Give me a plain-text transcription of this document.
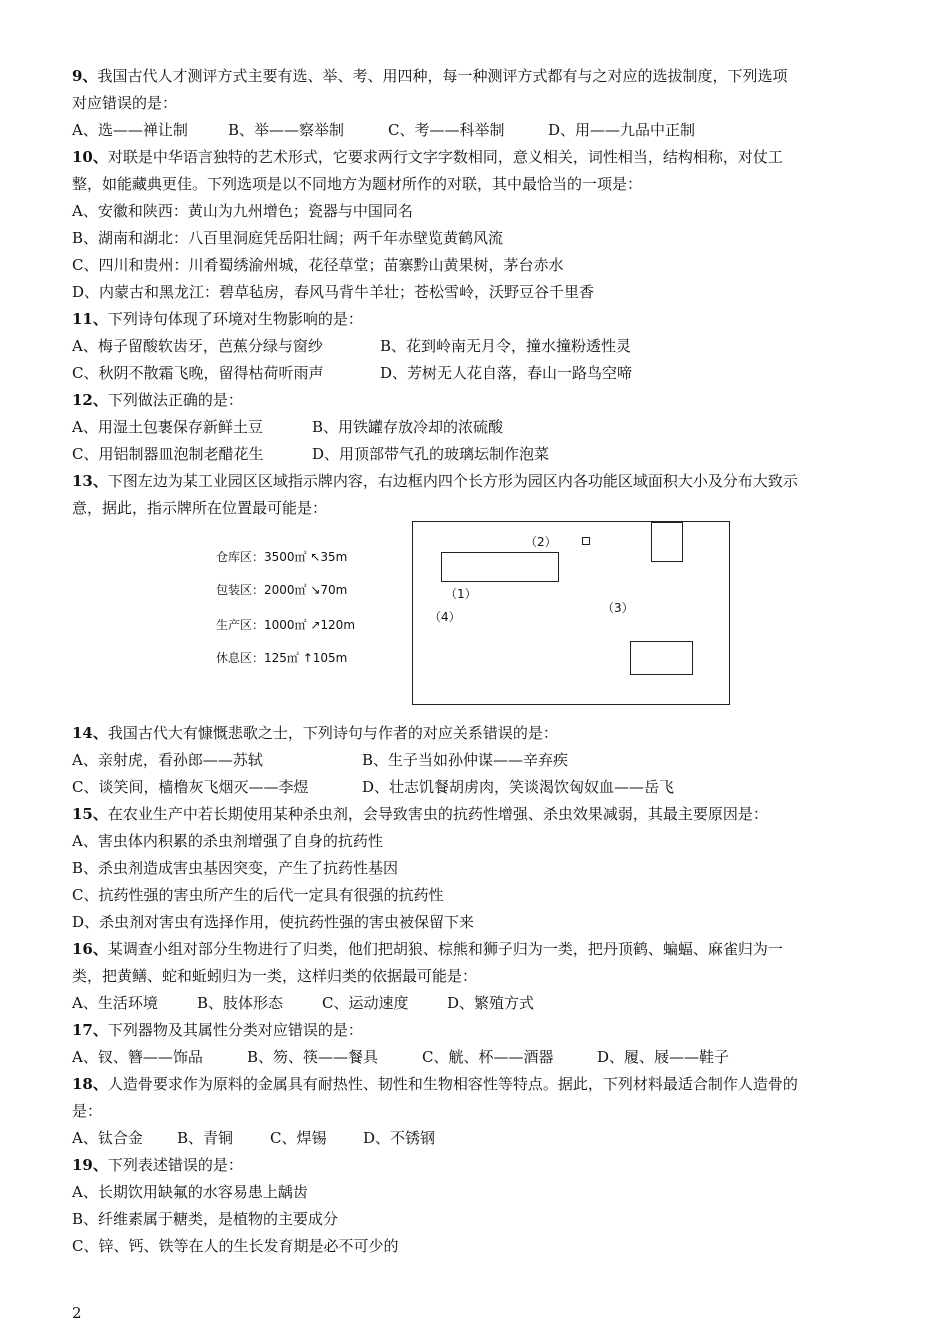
9、我国古代人才测评方式主要有选、举、考、用四种，每一种测评方式都有与之对应的选拔制度，下列选项
对应错误的是：
A、选——禅让制	B、举——察举制	C、考——科举制	D、用——九品中正制
10、对联是中华语言独特的艺术形式，它要求两行文字字数相同，意义相关，词性相当，结构相称，对仗工
整，如能藏典更佳。下列选项是以不同地方为题材所作的对联，其中最恰当的一项是：
A、安徽和陕西：黄山为九州增色；瓷器与中国同名
B、湖南和湖北：八百里洞庭凭岳阳壮阔；两千年赤壁览黄鹤风流
C、四川和贵州：川肴蜀绣渝州城，花径草堂；苗寨黔山黄果树，茅台赤水
D、内蒙古和黑龙江：碧草毡房，春风马背牛羊壮；苍松雪岭，沃野豆谷千里香
11、下列诗句体现了环境对生物影响的是：
A、梅子留酸软齿牙，芭蕉分绿与窗纱	B、花到岭南无月令，撞水撞粉透性灵
C、秋阴不散霜飞晚，留得枯荷听雨声	D、芳树无人花自落，春山一路鸟空啼
12、下列做法正确的是：
A、用湿土包裹保存新鲜土豆	B、用铁罐存放冷却的浓硫酸
C、用铝制器皿泡制老醋花生	D、用顶部带气孔的玻璃坛制作泡菜
13、下图左边为某工业园区区域指示牌内容，右边框内四个长方形为园区内各功能区域面积大小及分布大致示
意，据此，指示牌所在位置最可能是：
仓库区：3500㎡ ↖35m
包装区：2000㎡ ↘70m
生产区：1000㎡ ↗120m
休息区：125㎡ ↑105m
（1）
（2）
（3）
（4）
14、我国古代大有慷慨悲歌之士，下列诗句与作者的对应关系错误的是：
A、亲射虎，看孙郎——苏轼	B、生子当如孙仲谋——辛弃疾
C、谈笑间，樯橹灰飞烟灭——李煜	D、壮志饥餐胡虏肉，笑谈渴饮匈奴血——岳飞
15、在农业生产中若长期使用某种杀虫剂，会导致害虫的抗药性增强、杀虫效果减弱，其最主要原因是：
A、害虫体内积累的杀虫剂增强了自身的抗药性
B、杀虫剂造成害虫基因突变，产生了抗药性基因
C、抗药性强的害虫所产生的后代一定具有很强的抗药性
D、杀虫剂对害虫有选择作用，使抗药性强的害虫被保留下来
16、某调查小组对部分生物进行了归类，他们把胡狼、棕熊和狮子归为一类，把丹顶鹤、蝙蝠、麻雀归为一
类，把黄鳝、蛇和蚯蚓归为一类，这样归类的依据最可能是：
A、生活环境	B、肢体形态	C、运动速度	D、繁殖方式
17、下列器物及其属性分类对应错误的是：
A、钗、簪——饰品	B、笏、筷——餐具	C、觥、杯——酒器	D、履、屐——鞋子
18、人造骨要求作为原料的金属具有耐热性、韧性和生物相容性等特点。据此，下列材料最适合制作人造骨的
是：
A、钛合金 B、青铜 C、焊锡 D、不锈钢
19、下列表述错误的是：
A、长期饮用缺氟的水容易患上龋齿
B、纤维素属于糖类，是植物的主要成分
C、锌、钙、铁等在人的生长发育期是必不可少的
2
